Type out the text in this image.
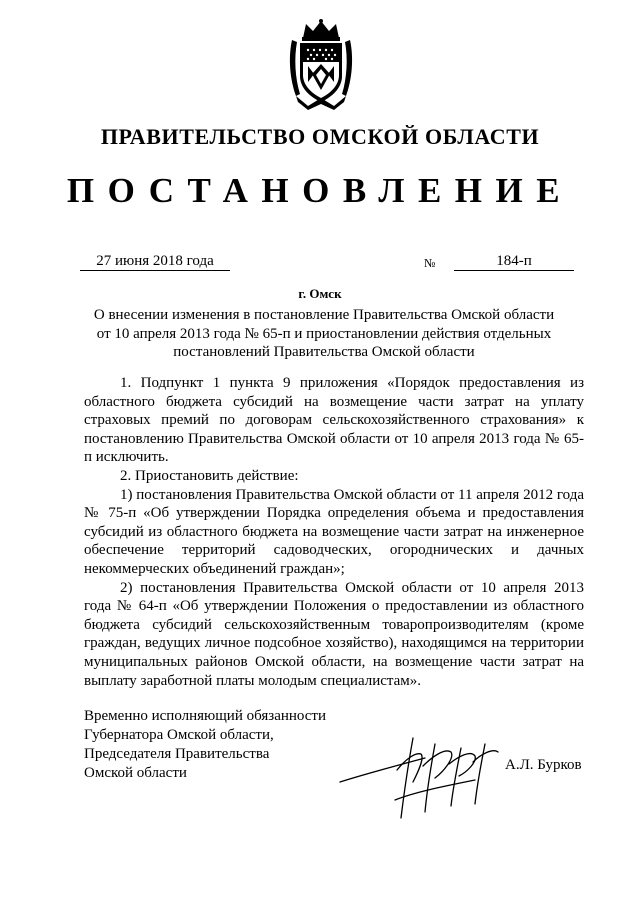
ПРАВИТЕЛЬСТВО ОМСКОЙ ОБЛАСТИ
ПОСТАНОВЛЕНИЕ
27 июня 2018 года	№	184-п
г. Омск
О внесении изменения в постановление Правительства Омской области от 10 апреля 2013 года № 65-п и приостановлении действия отдельных постановлений Правительства Омской области

1. Подпункт 1 пункта 9 приложения «Порядок предоставления из областного бюджета субсидий на возмещение части затрат на уплату страховых премий по договорам сельскохозяйственного страхования» к постановлению Правительства Омской области от 10 апреля 2013 года № 65-п исключить.

2. Приостановить действие:

1) постановления Правительства Омской области от 11 апреля 2012 года № 75-п «Об утверждении Порядка определения объема и предоставления субсидий из областного бюджета на возмещение части затрат на инженерное обеспечение территорий садоводческих, огороднических и дачных некоммерческих объединений граждан»;

2) постановления Правительства Омской области от 10 апреля 2013 года № 64-п «Об утверждении Положения о предоставлении из областного бюджета субсидий сельскохозяйственным товаропроизводителям (кроме граждан, ведущих личное подсобное хозяйство), находящимся на территории муниципальных районов Омской области, на возмещение части затрат на выплату заработной платы молодым специалистам».

Временно исполняющий обязанности
Губернатора Омской области,
Председателя Правительства
Омской области	А.Л. Бурков
